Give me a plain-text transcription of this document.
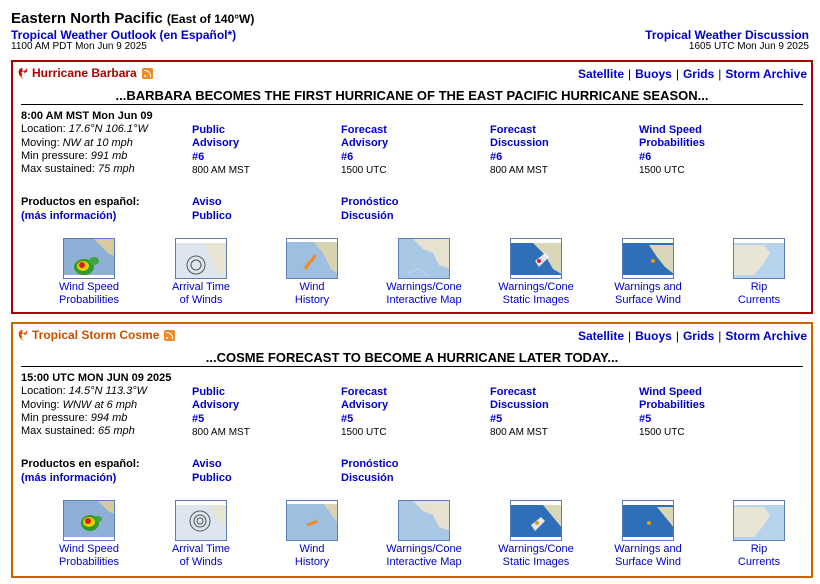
Eastern North Pacific (East of 140°W)
Tropical Weather Outlook (en Español*)
1100 AM PDT Mon Jun 9 2025
Tropical Weather Discussion
1605 UTC Mon Jun 9 2025
Hurricane Barbara	Satellite | Buoys | Grids | Storm Archive
...BARBARA BECOMES THE FIRST HURRICANE OF THE EAST PACIFIC HURRICANE SEASON...
8:00 AM MST Mon Jun 09
Location: 17.6°N 106.1°W
Moving: NW at 10 mph
Min pressure: 991 mb
Max sustained: 75 mph
Public
Advisory
#6
800 AM MST
Forecast
Advisory
#6
1500 UTC
Forecast
Discussion
#6
800 AM MST
Wind Speed
Probabilities
#6
1500 UTC
Productos en español:
(más información)
Aviso
Publico
Pronóstico
Discusión
Wind Speed
Probabilities
Arrival Time
of Winds
Wind
History
Warnings/Cone
Interactive Map
Warnings/Cone
Static Images
Warnings and
Surface Wind
Rip
Currents
Tropical Storm Cosme	Satellite | Buoys | Grids | Storm Archive
...COSME FORECAST TO BECOME A HURRICANE LATER TODAY...
15:00 UTC MON JUN 09 2025
Location: 14.5°N 113.3°W
Moving: WNW at 6 mph
Min pressure: 994 mb
Max sustained: 65 mph
Public
Advisory
#5
800 AM MST
Forecast
Advisory
#5
1500 UTC
Forecast
Discussion
#5
800 AM MST
Wind Speed
Probabilities
#5
1500 UTC
Productos en español:
(más información)
Aviso
Publico
Pronóstico
Discusión
Wind Speed
Probabilities
Arrival Time
of Winds
Wind
History
Warnings/Cone
Interactive Map
Warnings/Cone
Static Images
Warnings and
Surface Wind
Rip
Currents
